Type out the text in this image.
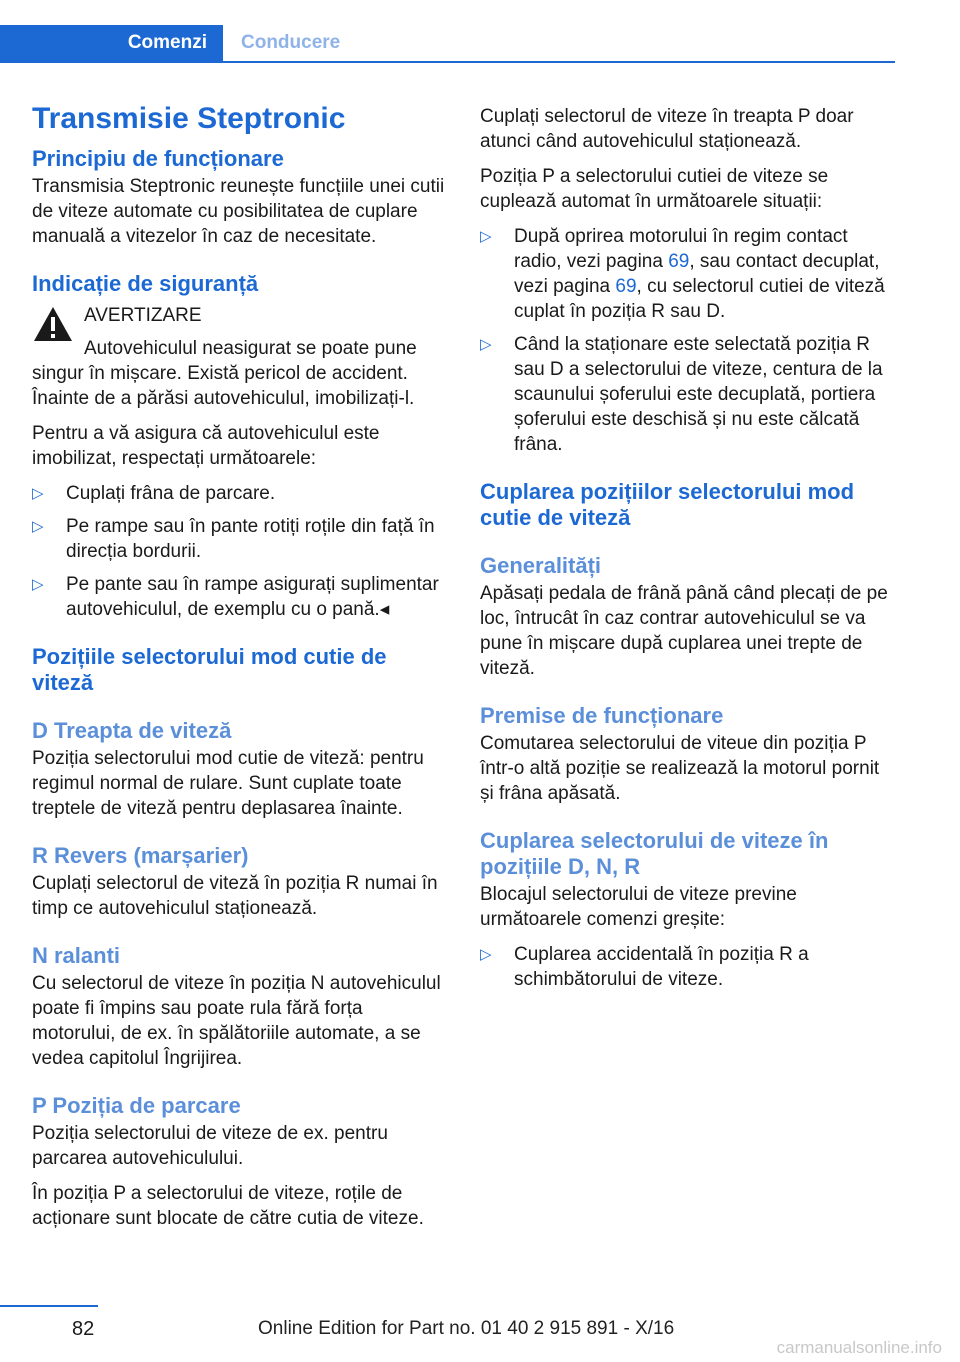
Comenzi Conducere
Transmisie Steptronic
Principiu de funcționare

Transmisia Steptronic reunește funcțiile unei cutii de viteze automate cu posibilitatea de cuplare manuală a vitezelor în caz de necesitate.

Indicație de siguranță
AVERTIZARE
Autovehiculul neasigurat se poate pune
singur în mișcare. Există pericol de accident. Înainte de a părăsi autovehiculul, imobilizați-l.

Pentru a vă asigura că autovehiculul este imobilizat, respectați următoarele:

▷ Cuplați frâna de parcare.
▷ Pe rampe sau în pante rotiți roțile din față în direcția bordurii.
▷ Pe pante sau în rampe asigurați suplimentar autovehiculul, de exemplu cu o pană.◂
Pozițiile selectorului mod cutie de viteză
D Treapta de viteză

Poziția selectorului mod cutie de viteză: pentru regimul normal de rulare. Sunt cuplate toate treptele de viteză pentru deplasarea înainte.

R Revers (marșarier)

Cuplați selectorul de viteză în poziția R numai în timp ce autovehiculul staționează.

N ralanti

Cu selectorul de viteze în poziția N autovehiculul poate fi împins sau poate rula fără forța motorului, de ex. în spălătoriile automate, a se vedea capitolul Îngrijirea.

P Poziția de parcare

Poziția selectorului de viteze de ex. pentru parcarea autovehiculului.

În poziția P a selectorului de viteze, roțile de acționare sunt blocate de către cutia de viteze.

Cuplați selectorul de viteze în treapta P doar atunci când autovehiculul staționează.

Poziția P a selectorului cutiei de viteze se cuplează automat în următoarele situații:

▷ După oprirea motorului în regim contact radio, vezi pagina 69, sau contact decuplat, vezi pagina 69, cu selectorul cutiei de viteză cuplat în poziția R sau D.
▷ Când la staționare este selectată poziția R sau D a selectorului de viteze, centura de la scaunului șoferului este decuplată, portiera șoferului este deschisă și nu este călcată frâna.
Cuplarea pozițiilor selectorului mod cutie de viteză
Generalități

Apăsați pedala de frână până când plecați de pe loc, întrucât în caz contrar autovehiculul se va pune în mișcare după cuplarea unei trepte de viteză.

Premise de funcționare

Comutarea selectorului de viteue din poziția P într-o altă poziție se realizează la motorul pornit și frâna apăsată.

Cuplarea selectorului de viteze în pozițiile D, N, R

Blocajul selectorului de viteze previne următoarele comenzi greșite:

▷ Cuplarea accidentală în poziția R a schimbătorului de viteze.
82	Online Edition for Part no. 01 40 2 915 891 - X/16
carmanualsonline.info
